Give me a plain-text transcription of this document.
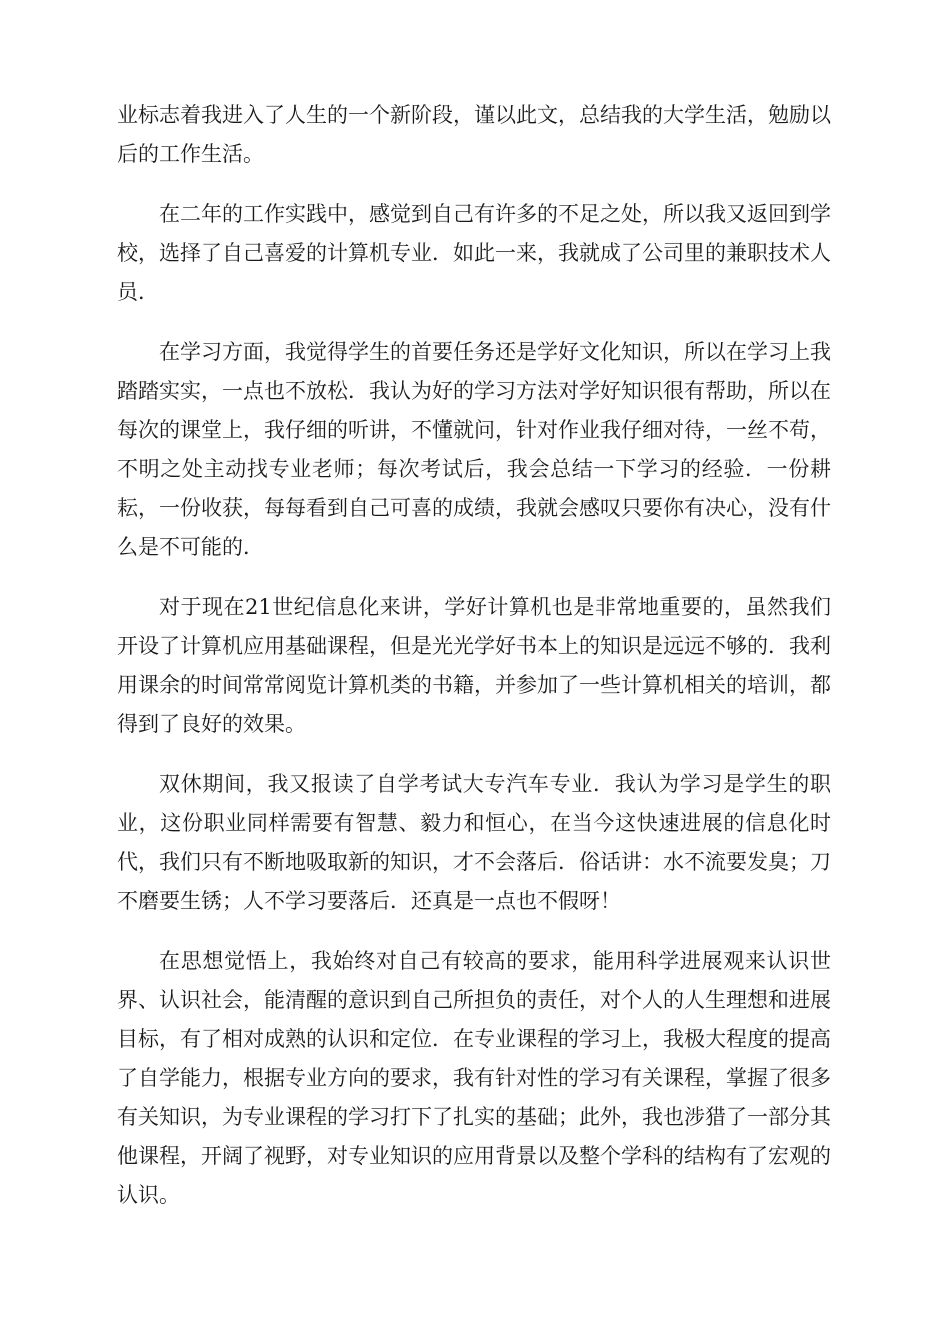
业标志着我进入了人生的一个新阶段，谨以此文，总结我的大学生活，勉励以后的工作生活。

在二年的工作实践中，感觉到自己有许多的不足之处，所以我又返回到学校，选择了自己喜爱的计算机专业．如此一来，我就成了公司里的兼职技术人员．

在学习方面，我觉得学生的首要任务还是学好文化知识，所以在学习上我踏踏实实，一点也不放松．我认为好的学习方法对学好知识很有帮助，所以在每次的课堂上，我仔细的听讲，不懂就问，针对作业我仔细对待，一丝不苟，不明之处主动找专业老师；每次考试后，我会总结一下学习的经验．一份耕耘，一份收获，每每看到自己可喜的成绩，我就会感叹只要你有决心，没有什么是不可能的．

对于现在21世纪信息化来讲，学好计算机也是非常地重要的，虽然我们开设了计算机应用基础课程，但是光光学好书本上的知识是远远不够的．我利用课余的时间常常阅览计算机类的书籍，并参加了一些计算机相关的培训，都得到了良好的效果。

双休期间，我又报读了自学考试大专汽车专业．我认为学习是学生的职业，这份职业同样需要有智慧、毅力和恒心，在当今这快速进展的信息化时代，我们只有不断地吸取新的知识，才不会落后．俗话讲：水不流要发臭；刀不磨要生锈；人不学习要落后．还真是一点也不假呀！

在思想觉悟上，我始终对自己有较高的要求，能用科学进展观来认识世界、认识社会，能清醒的意识到自己所担负的责任，对个人的人生理想和进展目标，有了相对成熟的认识和定位．在专业课程的学习上，我极大程度的提高了自学能力，根据专业方向的要求，我有针对性的学习有关课程，掌握了很多有关知识，为专业课程的学习打下了扎实的基础；此外，我也涉猎了一部分其他课程，开阔了视野，对专业知识的应用背景以及整个学科的结构有了宏观的认识。
